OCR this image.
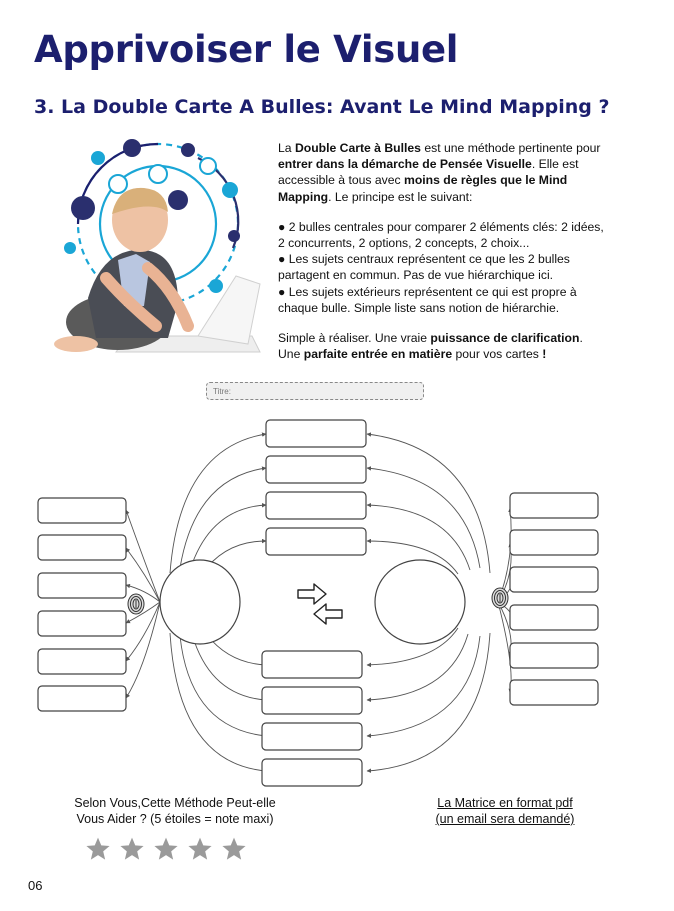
Apprivoiser le Visuel
3. La Double Carte A Bulles: Avant Le Mind Mapping ?

La Double Carte à Bulles est une méthode pertinente pour entrer dans la démarche de Pensée Visuelle. Elle est accessible à tous avec moins de règles que le Mind Mapping. Le principe est le suivant:

● 2 bulles centrales pour comparer 2 éléments clés: 2 idées, 2 concurrents, 2 options, 2 concepts, 2 choix...

● Les sujets centraux représentent ce que les 2 bulles partagent en commun. Pas de vue hiérarchique ici.

● Les sujets extérieurs représentent ce qui est propre à chaque bulle. Simple liste sans notion de hiérarchie.

Simple à réaliser. Une vraie puissance de clarification. Une parfaite entrée en matière pour vos cartes !

Titre:
Selon Vous,Cette Méthode Peut-elle
Vous Aider ? (5 étoiles = note maxi)
La Matrice en format pdf
(un email sera demandé)
06
